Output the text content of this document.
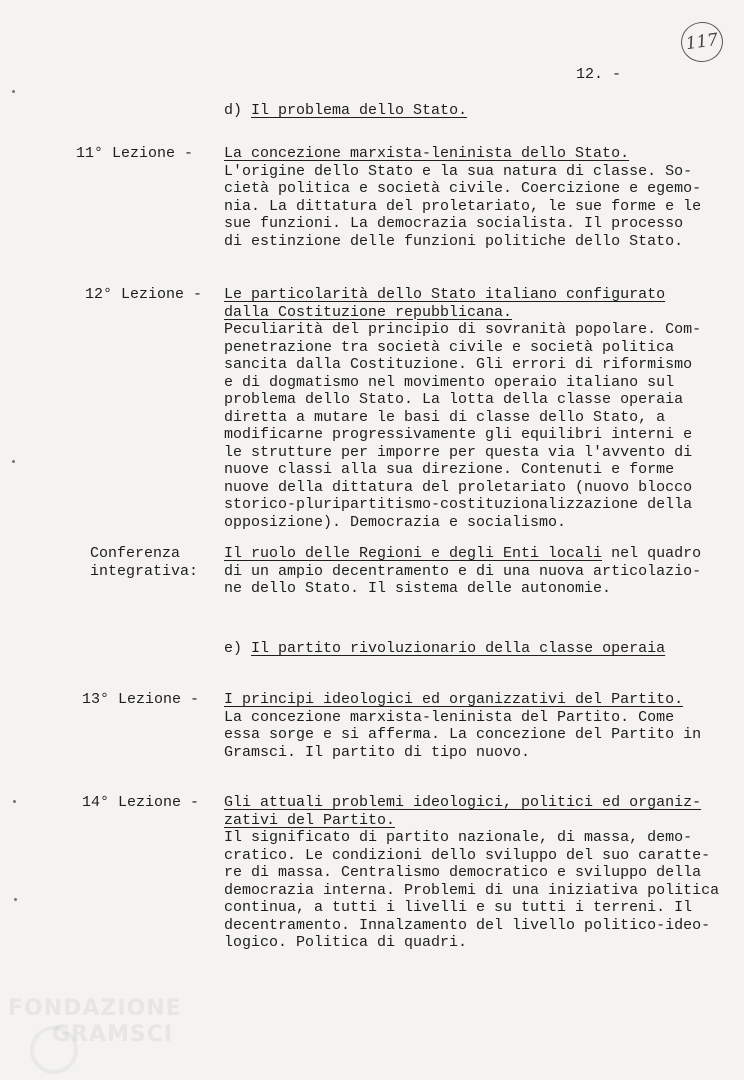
117
12. -
d) Il problema dello Stato.
11° Lezione - La concezione marxista-leninista dello Stato.
L'origine dello Stato e la sua natura di classe. So-
cietà politica e società civile. Coercizione e egemo-
nia. La dittatura del proletariato, le sue forme e le
sue funzioni. La democrazia socialista. Il processo
di estinzione delle funzioni politiche dello Stato.
12° Lezione - Le particolarità dello Stato italiano configurato
dalla Costituzione repubblicana.
Peculiarità del principio di sovranità popolare. Com-
penetrazione tra società civile e società politica
sancita dalla Costituzione. Gli errori di riformismo
e di dogmatismo nel movimento operaio italiano sul
problema dello Stato. La lotta della classe operaia
diretta a mutare le basi di classe dello Stato, a
modificarne progressivamente gli equilibri interni e
le strutture per imporre per questa via l'avvento di
nuove classi alla sua direzione. Contenuti e forme
nuove della dittatura del proletariato (nuovo blocco
storico-pluripartitismo-costituzionalizzazione della
opposizione). Democrazia e socialismo.
Conferenza
integrativa:
Il ruolo delle Regioni e degli Enti locali nel quadro
di un ampio decentramento e di una nuova articolazio-
ne dello Stato. Il sistema delle autonomie.
e) Il partito rivoluzionario della classe operaia
13° Lezione - I principi ideologici ed organizzativi del Partito.
La concezione marxista-leninista del Partito. Come
essa sorge e si afferma. La concezione del Partito in
Gramsci. Il partito di tipo nuovo.
14° Lezione - Gli attuali problemi ideologici, politici ed organiz-
zativi del Partito.
Il significato di partito nazionale, di massa, demo-
cratico. Le condizioni dello sviluppo del suo caratte-
re di massa. Centralismo democratico e sviluppo della
democrazia interna. Problemi di una iniziativa politica
continua, a tutti i livelli e su tutti i terreni. Il
decentramento. Innalzamento del livello politico-ideo-
logico. Politica di quadri.
FONDAZIONE
GRAMSCI
